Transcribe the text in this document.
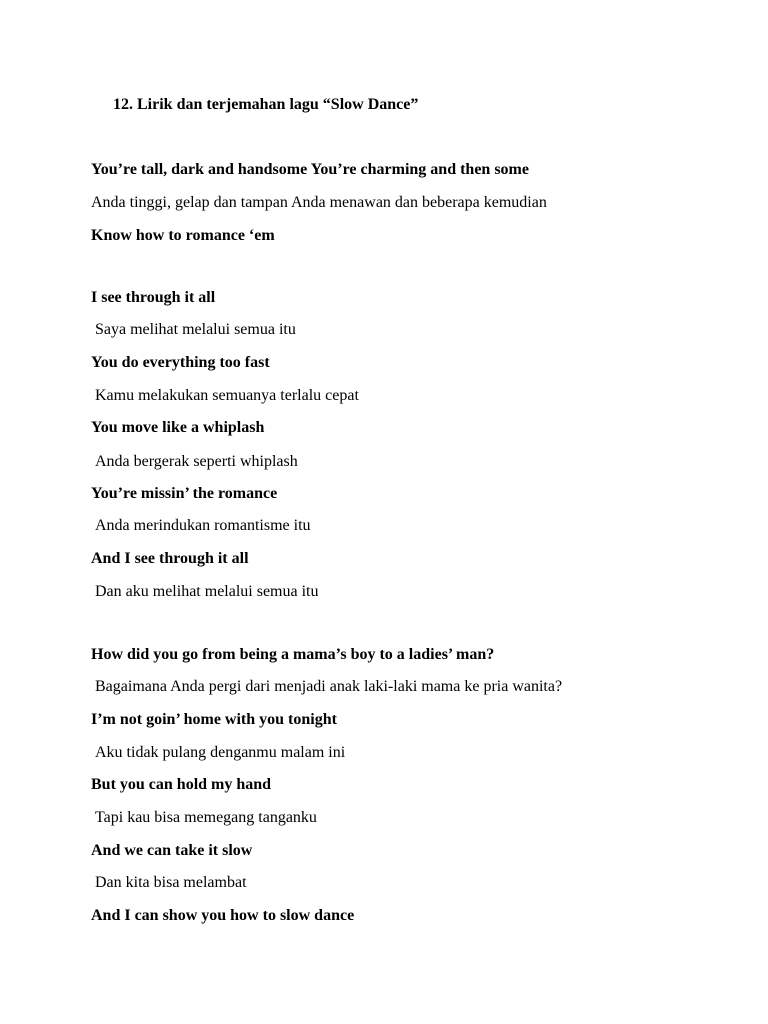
12. Lirik dan terjemahan lagu “Slow Dance”
You’re tall, dark and handsome You’re charming and then some
Anda tinggi, gelap dan tampan Anda menawan dan beberapa kemudian
Know how to romance ‘em
I see through it all
Saya melihat melalui semua itu
You do everything too fast
Kamu melakukan semuanya terlalu cepat
You move like a whiplash
Anda bergerak seperti whiplash
You’re missin’ the romance
Anda merindukan romantisme itu
And I see through it all
Dan aku melihat melalui semua itu
How did you go from being a mama’s boy to a ladies’ man?
Bagaimana Anda pergi dari menjadi anak laki-laki mama ke pria wanita?
I’m not goin’ home with you tonight
Aku tidak pulang denganmu malam ini
But you can hold my hand
Tapi kau bisa memegang tanganku
And we can take it slow
Dan kita bisa melambat
And I can show you how to slow dance
